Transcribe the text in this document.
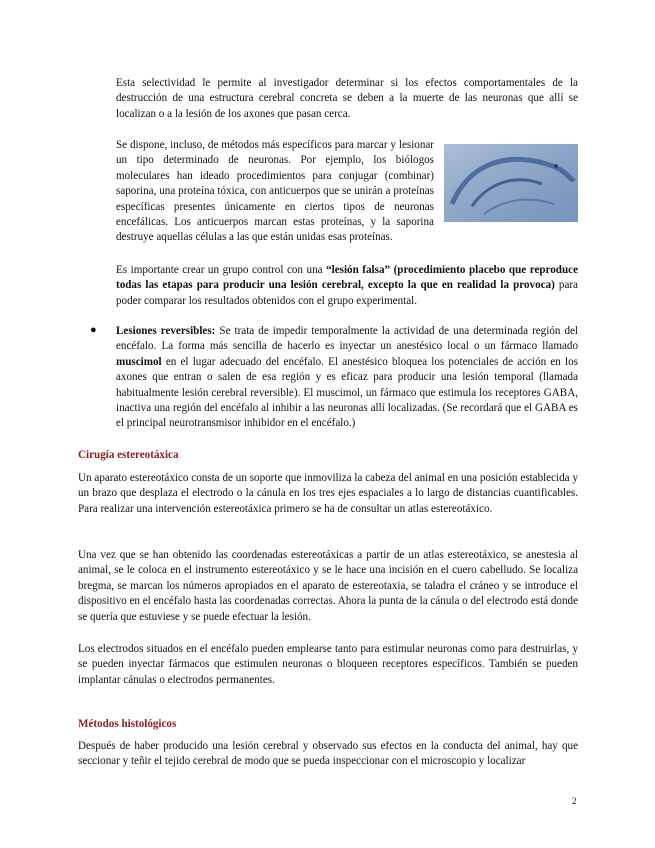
Esta selectividad le permite al investigador determinar si los efectos comportamentales de la destrucción de una estructura cerebral concreta se deben a la muerte de las neuronas que allí se localizan o a la lesión de los axones que pasan cerca.

Se dispone, incluso, de métodos más específicos para marcar y lesionar un tipo determinado de neuronas. Por ejemplo, los biólogos moleculares han ideado procedimientos para conjugar (combinar) saporina, una proteína tóxica, con anticuerpos que se unirán a proteínas específicas presentes únicamente en ciertos tipos de neuronas encefálicas. Los anticuerpos marcan estas proteínas, y la saporina destruye aquellas células a las que están unidas esas proteínas.

Es importante crear un grupo control con una “lesión falsa” (procedimiento placebo que reproduce todas las etapas para producir una lesión cerebral, excepto la que en realidad la provoca) para poder comparar los resultados obtenidos con el grupo experimental.

● Lesiones reversibles: Se trata de impedir temporalmente la actividad de una determinada región del encéfalo. La forma más sencilla de hacerlo es inyectar un anestésico local o un fármaco llamado muscimol en el lugar adecuado del encéfalo. El anestésico bloquea los potenciales de acción en los axones que entran o salen de esa región y es eficaz para producir una lesión temporal (llamada habitualmente lesión cerebral reversible). El muscimol, un fármaco que estimula los receptores GABA, inactiva una región del encéfalo al inhibir a las neuronas allí localizadas. (Se recordará que el GABA es el principal neurotransmisor inhibidor en el encéfalo.)

Cirugía estereotáxica

Un aparato estereotáxico consta de un soporte que inmoviliza la cabeza del animal en una posición establecida y un brazo que desplaza el electrodo o la cánula en los tres ejes espaciales a lo largo de distancias cuantificables. Para realizar una intervención estereotáxica primero se ha de consultar un atlas estereotáxico.

Una vez que se han obtenido las coordenadas estereotáxicas a partir de un atlas estereotáxico, se anestesia al animal, se le coloca en el instrumento estereotáxico y se le hace una incisión en el cuero cabelludo. Se localiza bregma, se marcan los números apropiados en el aparato de estereotaxia, se taladra el cráneo y se introduce el dispositivo en el encéfalo hasta las coordenadas correctas. Ahora la punta de la cánula o del electrodo está donde se quería que estuviese y se puede efectuar la lesión.

Los electrodos situados en el encéfalo pueden emplearse tanto para estimular neuronas como para destruirlas, y se pueden inyectar fármacos que estimulen neuronas o bloqueen receptores específicos. También se pueden implantar cánulas o electrodos permanentes.

Métodos histológicos

Después de haber producido una lesión cerebral y observado sus efectos en la conducta del animal, hay que seccionar y teñir el tejido cerebral de modo que se pueda inspeccionar con el microscopio y localizar

2
